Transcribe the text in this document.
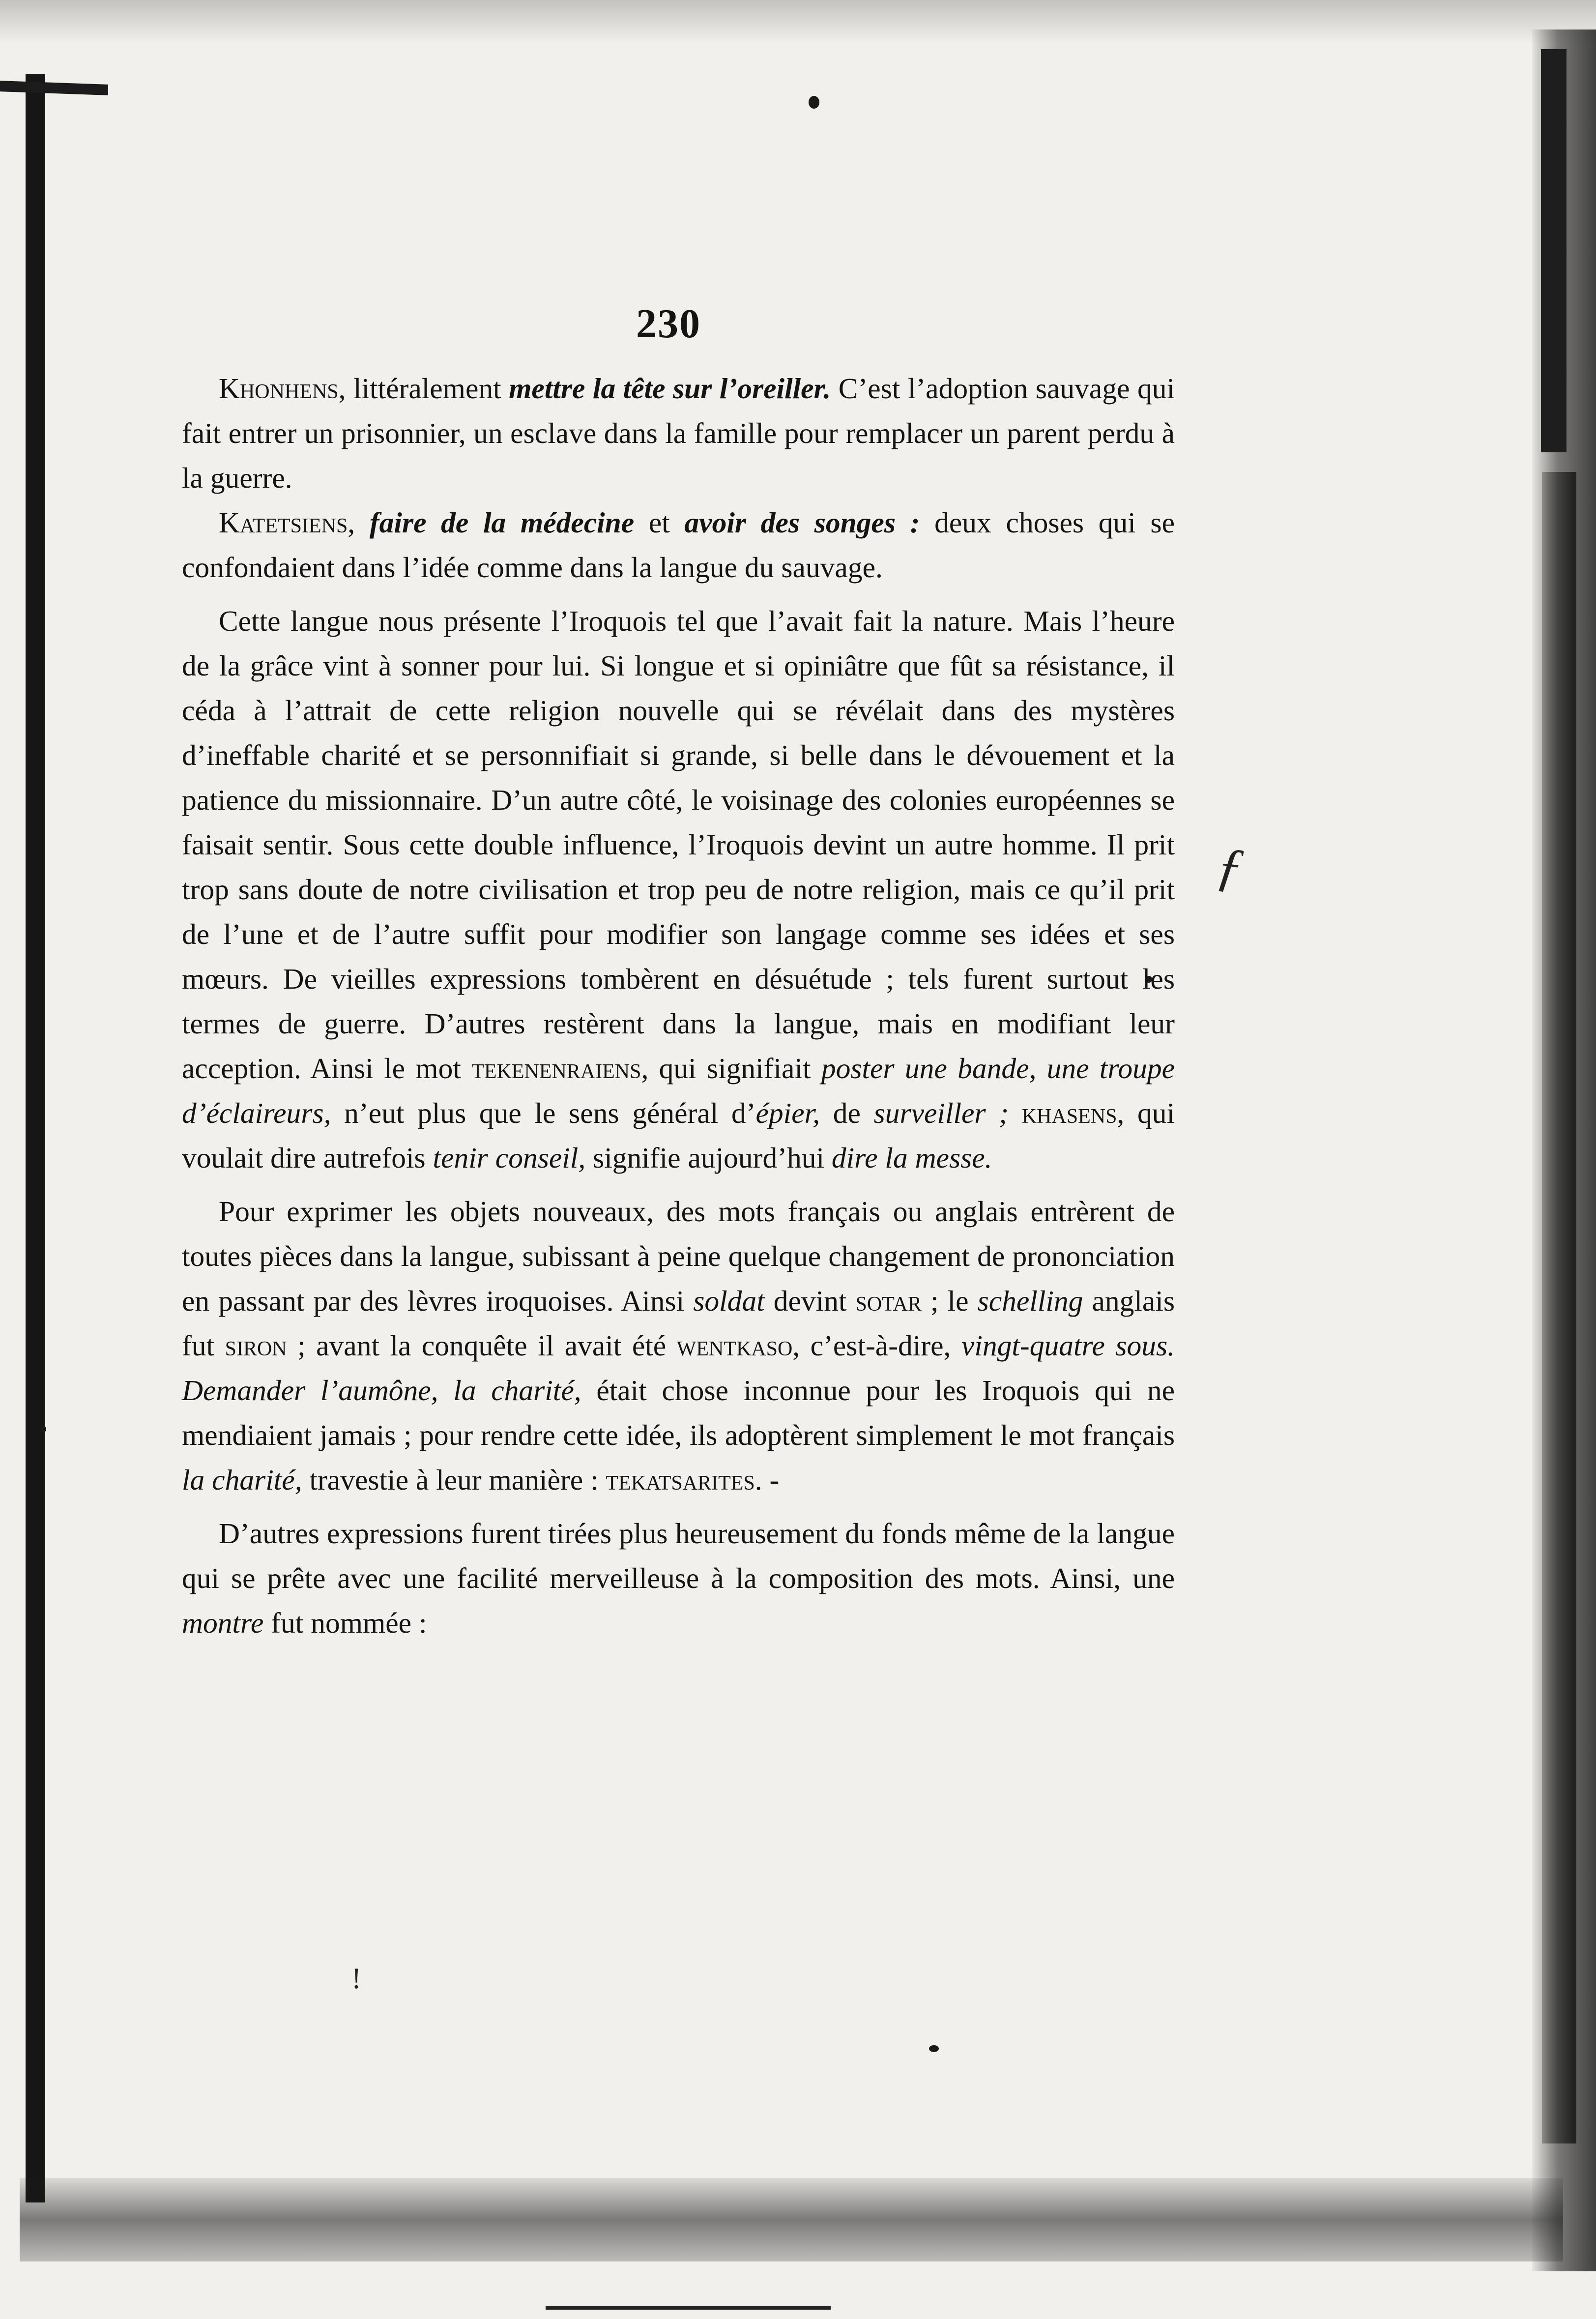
230
ƒ
ǃ

Khonhens, littéralement mettre la tête sur l’oreiller. C’est l’adoption sauvage qui fait entrer un prisonnier, un esclave dans la famille pour remplacer un parent perdu à la guerre.

Katetsiens, faire de la médecine et avoir des songes : deux choses qui se confondaient dans l’idée comme dans la langue du sauvage.

Cette langue nous présente l’Iroquois tel que l’avait fait la nature. Mais l’heure de la grâce vint à sonner pour lui. Si longue et si opiniâtre que fût sa résistance, il céda à l’attrait de cette religion nouvelle qui se révélait dans des mystères d’ineffable charité et se personnifiait si grande, si belle dans le dévouement et la patience du missionnaire. D’un autre côté, le voisinage des colonies européennes se faisait sentir. Sous cette double influence, l’Iroquois devint un autre homme. Il prit trop sans doute de notre civilisation et trop peu de notre religion, mais ce qu’il prit de l’une et de l’autre suffit pour modifier son langage comme ses idées et ses mœurs. De vieilles expressions tombèrent en désuétude ; tels furent surtout les termes de guerre. D’autres restèrent dans la langue, mais en modifiant leur acception. Ainsi le mot tekenenraiens, qui signifiait poster une bande, une troupe d’éclaireurs, n’eut plus que le sens général d’épier, de surveiller ; khasens, qui voulait dire autrefois tenir conseil, signifie aujourd’hui dire la messe.

Pour exprimer les objets nouveaux, des mots français ou anglais entrèrent de toutes pièces dans la langue, subissant à peine quelque changement de prononciation en passant par des lèvres iroquoises. Ainsi soldat devint sotar ; le schelling anglais fut siron ; avant la conquête il avait été wentkaso, c’est-à-dire, vingt-quatre sous. Demander l’aumône, la charité, était chose inconnue pour les Iroquois qui ne mendiaient jamais ; pour rendre cette idée, ils adoptèrent simplement le mot français la charité, travestie à leur manière : tekatsarites. -

D’autres expressions furent tirées plus heureusement du fonds même de la langue qui se prête avec une facilité merveilleuse à la composition des mots. Ainsi, une montre fut nommée :
